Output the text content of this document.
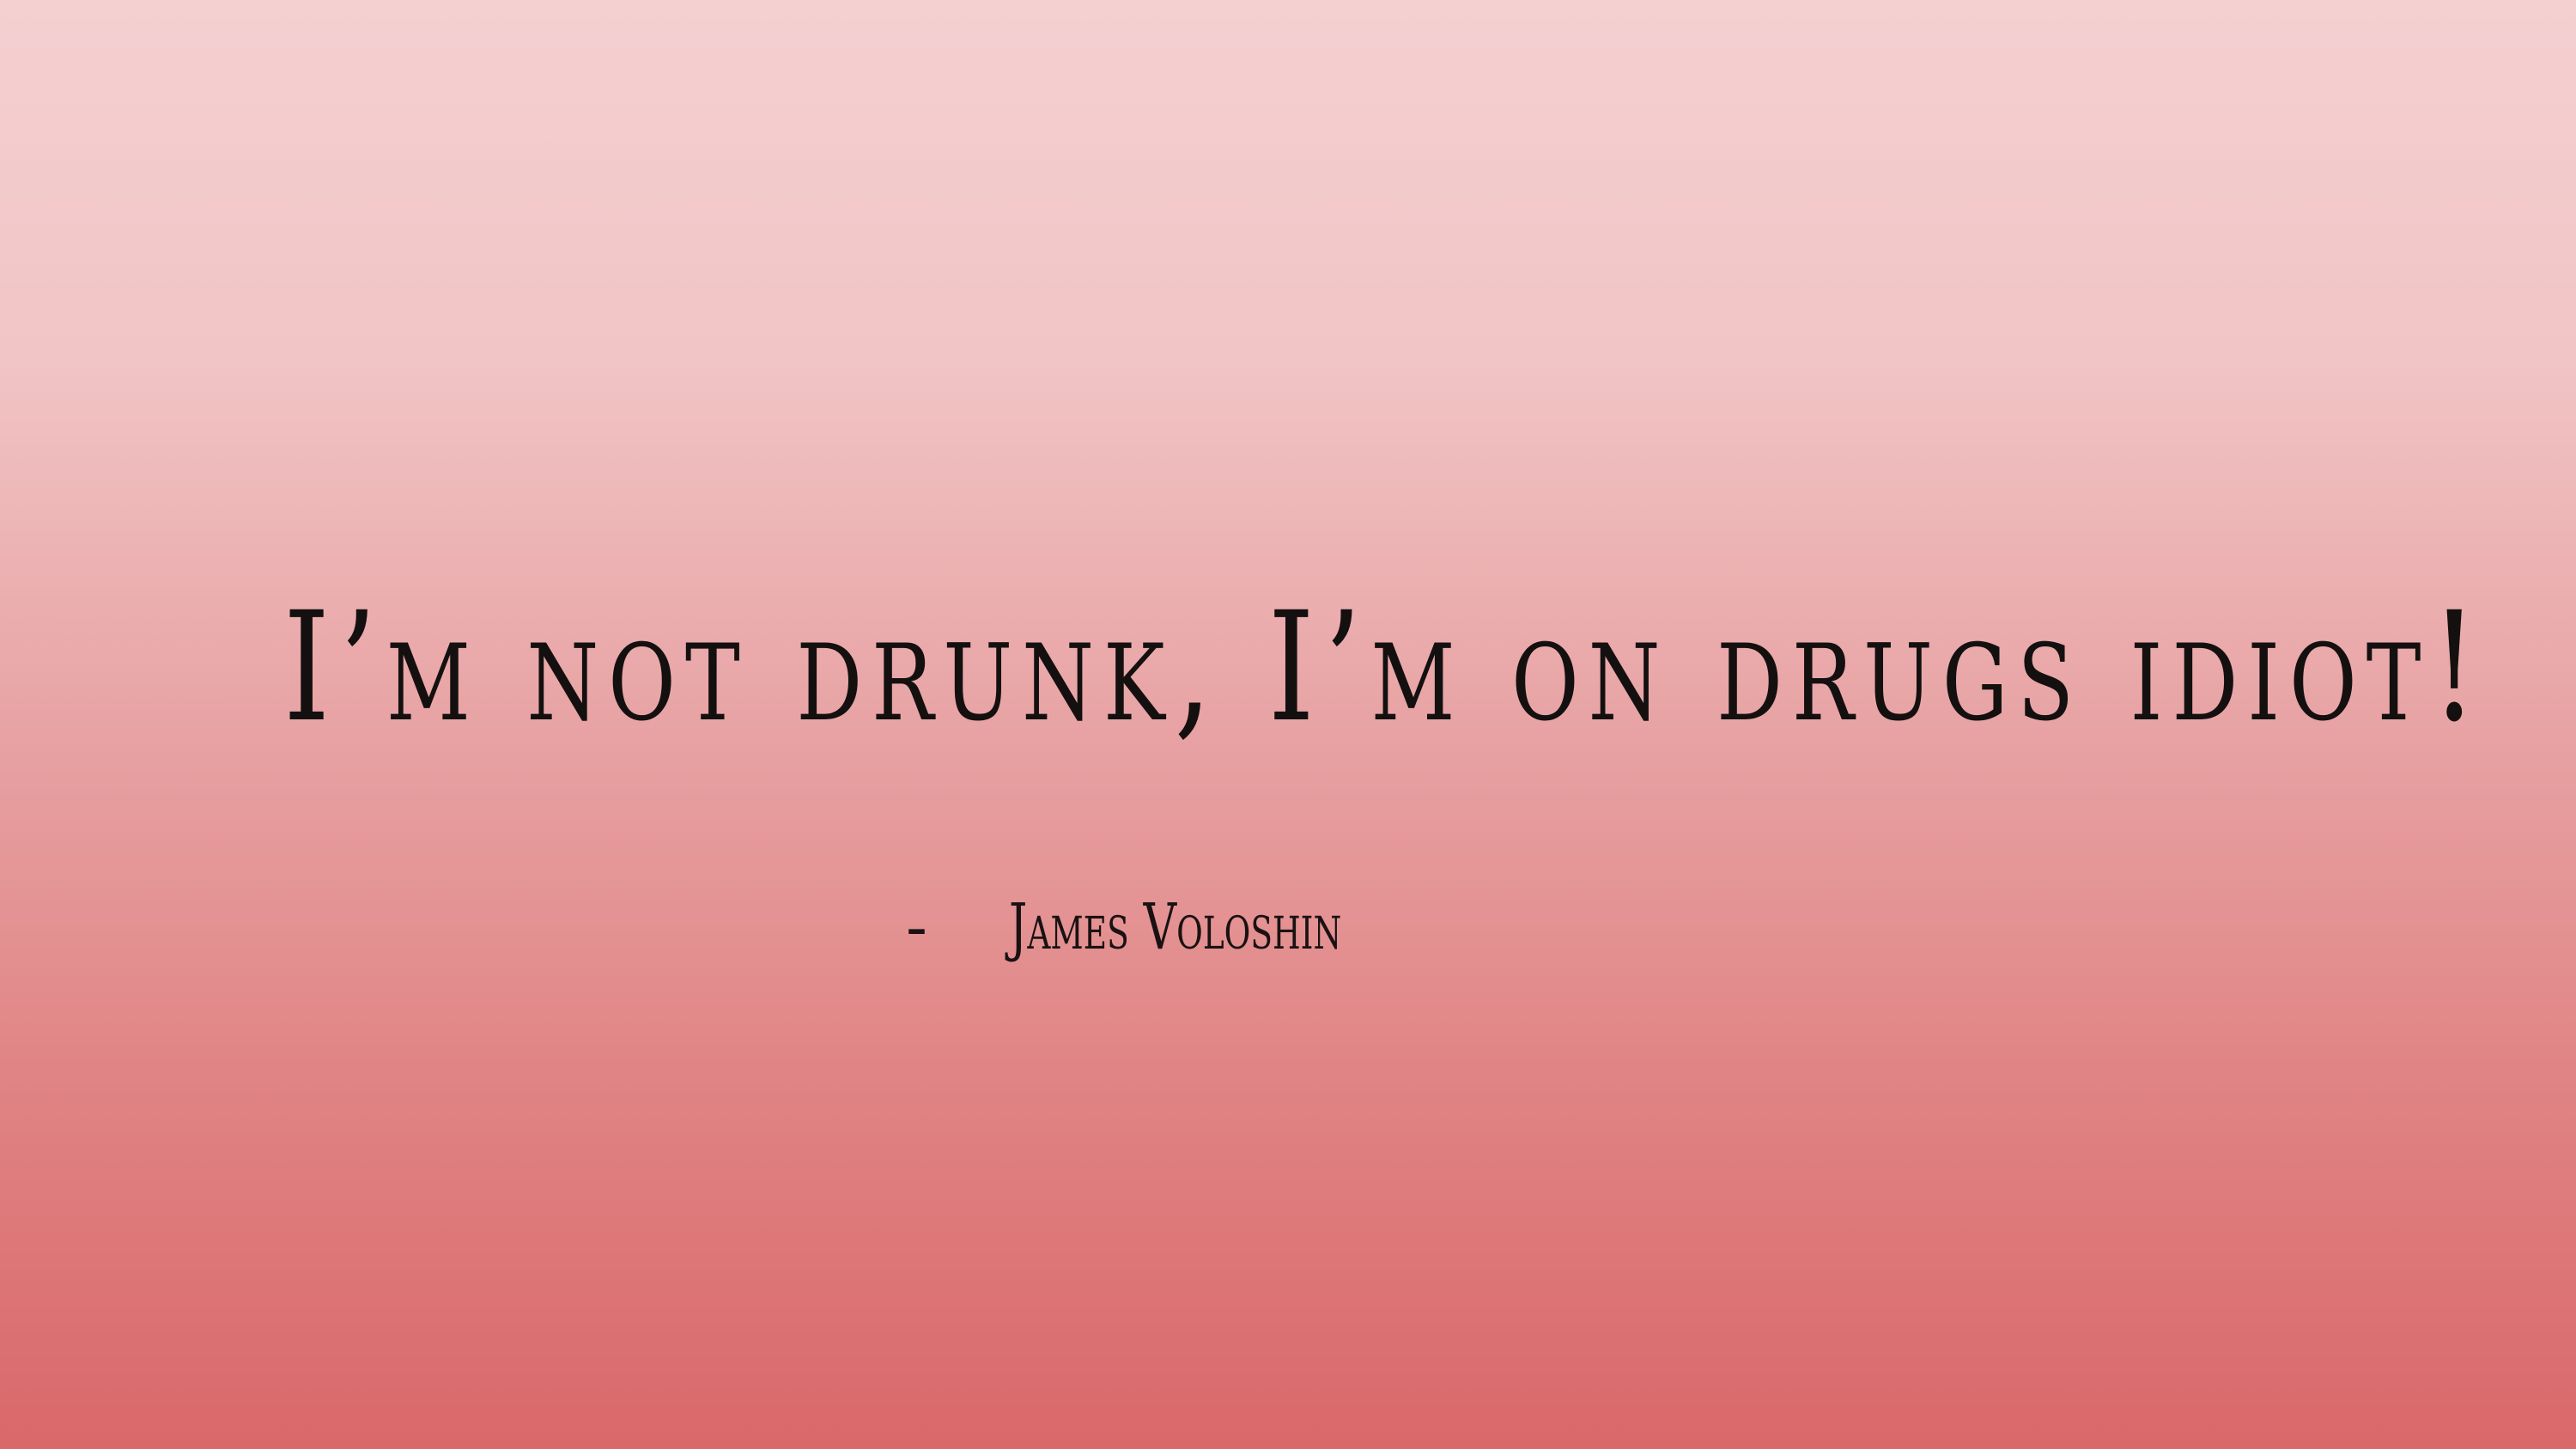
I’m not drunk, I’m on drugs idiot!
- James Voloshin
